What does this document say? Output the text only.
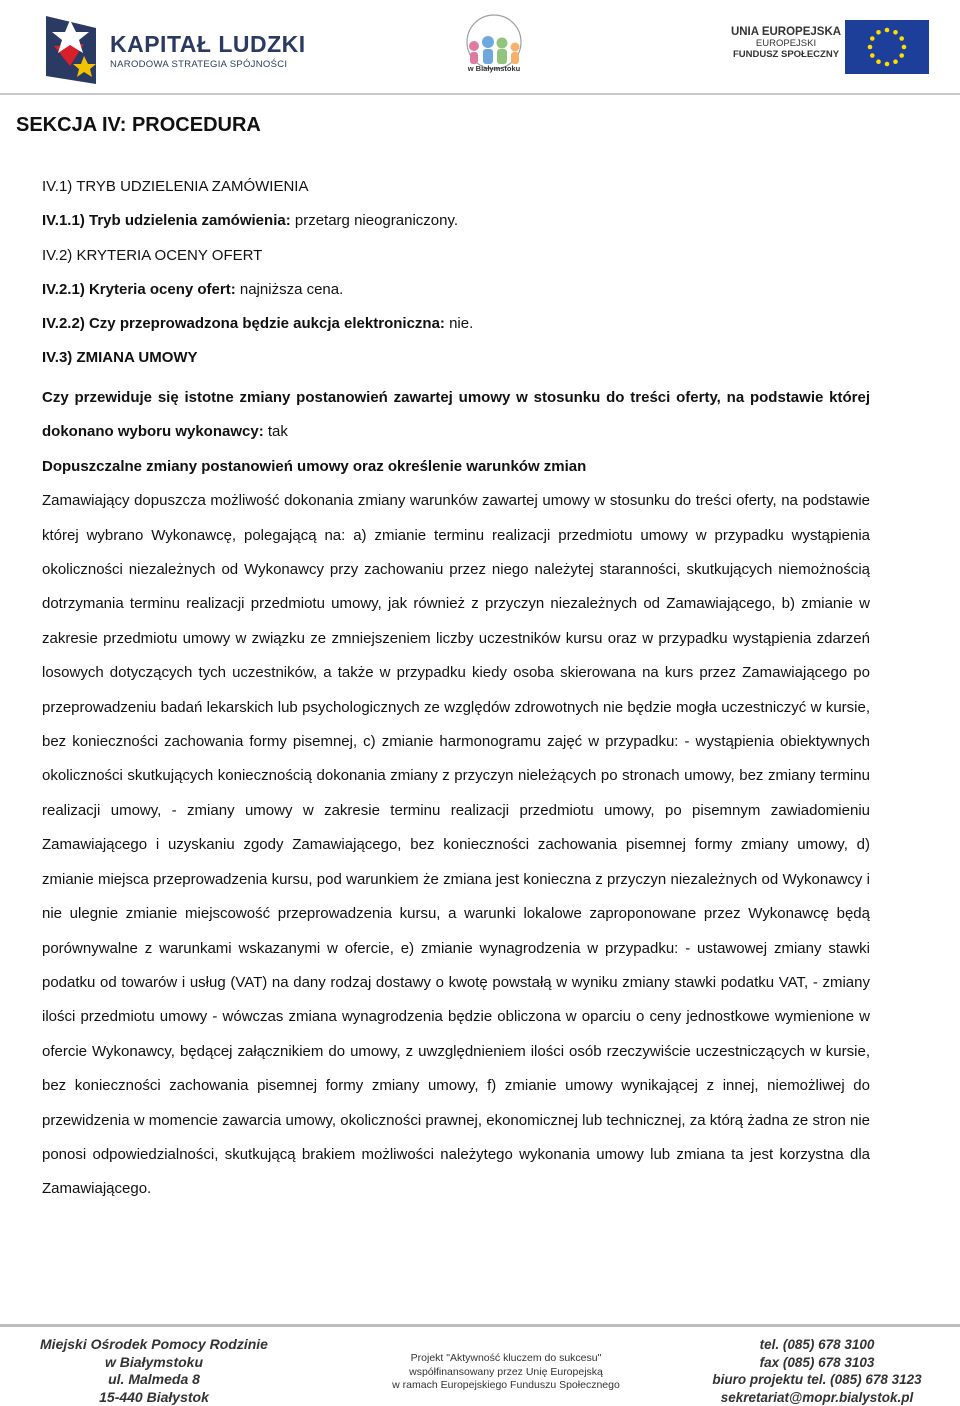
KAPITAŁ LUDZKI
NARODOWA STRATEGIA SPÓJNOŚCI	w Białymstoku
UNIA EUROPEJSKA
EUROPEJSKI
FUNDUSZ SPOŁECZNY
SEKCJA IV: PROCEDURA

IV.1) TRYB UDZIELENIA ZAMÓWIENIA

IV.1.1) Tryb udzielenia zamówienia: przetarg nieograniczony.

IV.2) KRYTERIA OCENY OFERT

IV.2.1) Kryteria oceny ofert: najniższa cena.

IV.2.2) Czy przeprowadzona będzie aukcja elektroniczna: nie.

IV.3) ZMIANA UMOWY

Czy przewiduje się istotne zmiany postanowień zawartej umowy w stosunku do treści oferty, na podstawie której dokonano wyboru wykonawcy: tak

Dopuszczalne zmiany postanowień umowy oraz określenie warunków zmian

Zamawiający dopuszcza możliwość dokonania zmiany warunków zawartej umowy w stosunku do treści oferty, na podstawie której wybrano Wykonawcę, polegającą na: a) zmianie terminu realizacji przedmiotu umowy w przypadku wystąpienia okoliczności niezależnych od Wykonawcy przy zachowaniu przez niego należytej staranności, skutkujących niemożnością dotrzymania terminu realizacji przedmiotu umowy, jak również z przyczyn niezależnych od Zamawiającego, b) zmianie w zakresie przedmiotu umowy w związku ze zmniejszeniem liczby uczestników kursu oraz w przypadku wystąpienia zdarzeń losowych dotyczących tych uczestników, a także w przypadku kiedy osoba skierowana na kurs przez Zamawiającego po przeprowadzeniu badań lekarskich lub psychologicznych ze względów zdrowotnych nie będzie mogła uczestniczyć w kursie, bez konieczności zachowania formy pisemnej, c) zmianie harmonogramu zajęć w przypadku: - wystąpienia obiektywnych okoliczności skutkujących koniecznością dokonania zmiany z przyczyn nieleżących po stronach umowy, bez zmiany terminu realizacji umowy, - zmiany umowy w zakresie terminu realizacji przedmiotu umowy, po pisemnym zawiadomieniu Zamawiającego i uzyskaniu zgody Zamawiającego, bez konieczności zachowania pisemnej formy zmiany umowy, d) zmianie miejsca przeprowadzenia kursu, pod warunkiem że zmiana jest konieczna z przyczyn niezależnych od Wykonawcy i nie ulegnie zmianie miejscowość przeprowadzenia kursu, a warunki lokalowe zaproponowane przez Wykonawcę będą porównywalne z warunkami wskazanymi w ofercie, e) zmianie wynagrodzenia w przypadku: - ustawowej zmiany stawki podatku od towarów i usług (VAT) na dany rodzaj dostawy o kwotę powstałą w wyniku zmiany stawki podatku VAT, - zmiany ilości przedmiotu umowy - wówczas zmiana wynagrodzenia będzie obliczona w oparciu o ceny jednostkowe wymienione w ofercie Wykonawcy, będącej załącznikiem do umowy, z uwzględnieniem ilości osób rzeczywiście uczestniczących w kursie, bez konieczności zachowania pisemnej formy zmiany umowy, f) zmianie umowy wynikającej z innej, niemożliwej do przewidzenia w momencie zawarcia umowy, okoliczności prawnej, ekonomicznej lub technicznej, za którą żadna ze stron nie ponosi odpowiedzialności, skutkującą brakiem możliwości należytego wykonania umowy lub zmiana ta jest korzystna dla Zamawiającego.

Miejski Ośrodek Pomocy Rodzinie
w Białymstoku
ul. Malmeda 8
15-440 Białystok
Projekt "Aktywność kluczem do sukcesu"
współfinansowany przez Unię Europejską
w ramach Europejskiego Funduszu Społecznego
tel. (085) 678 3100
fax (085) 678 3103
biuro projektu tel. (085) 678 3123
sekretariat@mopr.bialystok.pl
